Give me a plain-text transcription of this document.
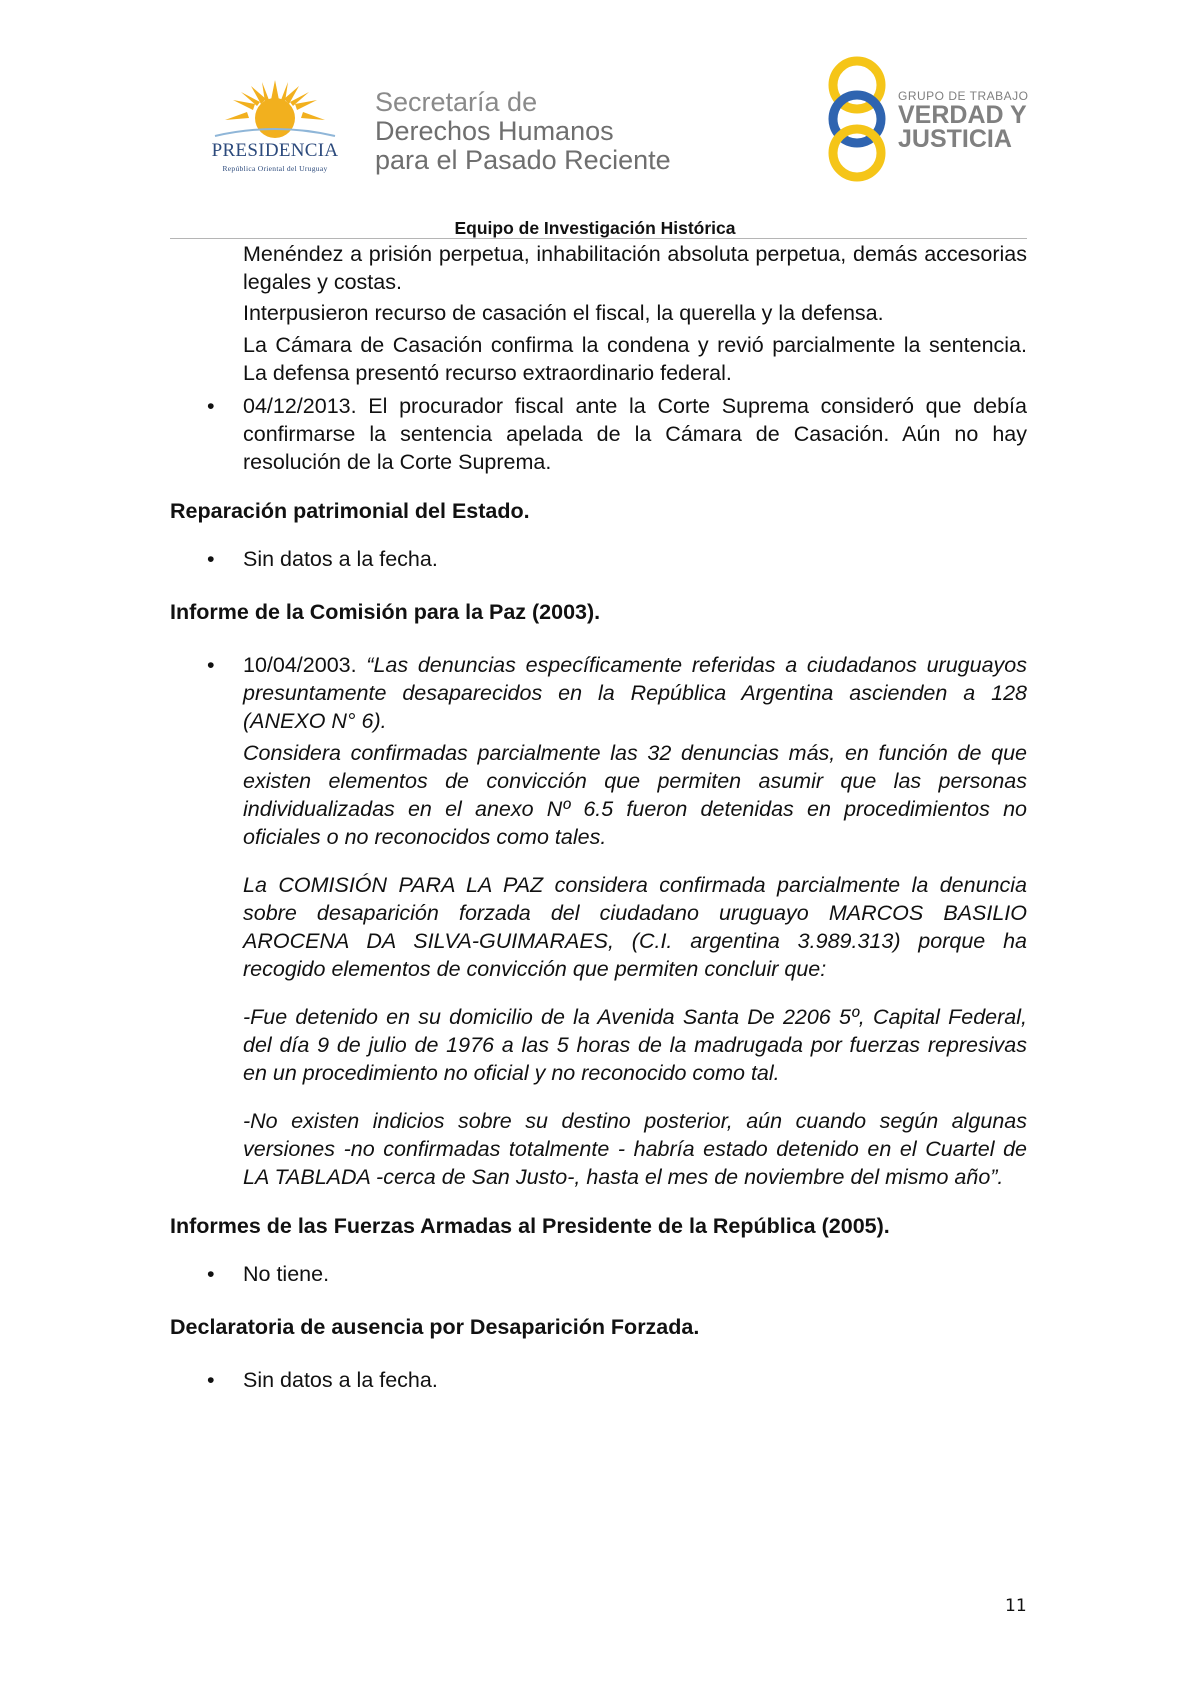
PRESIDENCIA
República Oriental del Uruguay
Secretaría de
Derechos Humanos
para el Pasado Reciente
GRUPO DE TRABAJO
VERDAD Y
JUSTICIA
Equipo de Investigación Histórica

Menéndez a prisión perpetua, inhabilitación absoluta perpetua, demás accesorias legales y costas.

Interpusieron recurso de casación el fiscal, la querella y la defensa.

La Cámara de Casación confirma la condena y revió parcialmente la sentencia. La defensa presentó recurso extraordinario federal.

• 04/12/2013. El procurador fiscal ante la Corte Suprema consideró que debía confirmarse la sentencia apelada de la Cámara de Casación. Aún no hay resolución de la Corte Suprema.

Reparación patrimonial del Estado.

• Sin datos a la fecha.

Informe de la Comisión para la Paz (2003).

• 10/04/2003. “Las denuncias específicamente referidas a ciudadanos uruguayos presuntamente desaparecidos en la República Argentina ascienden a 128 (ANEXO N° 6).

Considera confirmadas parcialmente las 32 denuncias más, en función de que existen elementos de convicción que permiten asumir que las personas individualizadas en el anexo Nº 6.5 fueron detenidas en procedimientos no oficiales o no reconocidos como tales.

La COMISIÓN PARA LA PAZ considera confirmada parcialmente la denuncia sobre desaparición forzada del ciudadano uruguayo MARCOS BASILIO AROCENA DA SILVA-GUIMARAES, (C.I. argentina 3.989.313) porque ha recogido elementos de convicción que permiten concluir que:

-Fue detenido en su domicilio de la Avenida Santa De 2206 5º, Capital Federal, del día 9 de julio de 1976 a las 5 horas de la madrugada por fuerzas represivas en un procedimiento no oficial y no reconocido como tal.

-No existen indicios sobre su destino posterior, aún cuando según algunas versiones -no confirmadas totalmente - habría estado detenido en el Cuartel de LA TABLADA -cerca de San Justo-, hasta el mes de noviembre del mismo año”.

Informes de las Fuerzas Armadas al Presidente de la República (2005).

• No tiene.

Declaratoria de ausencia por Desaparición Forzada.

• Sin datos a la fecha.

11
